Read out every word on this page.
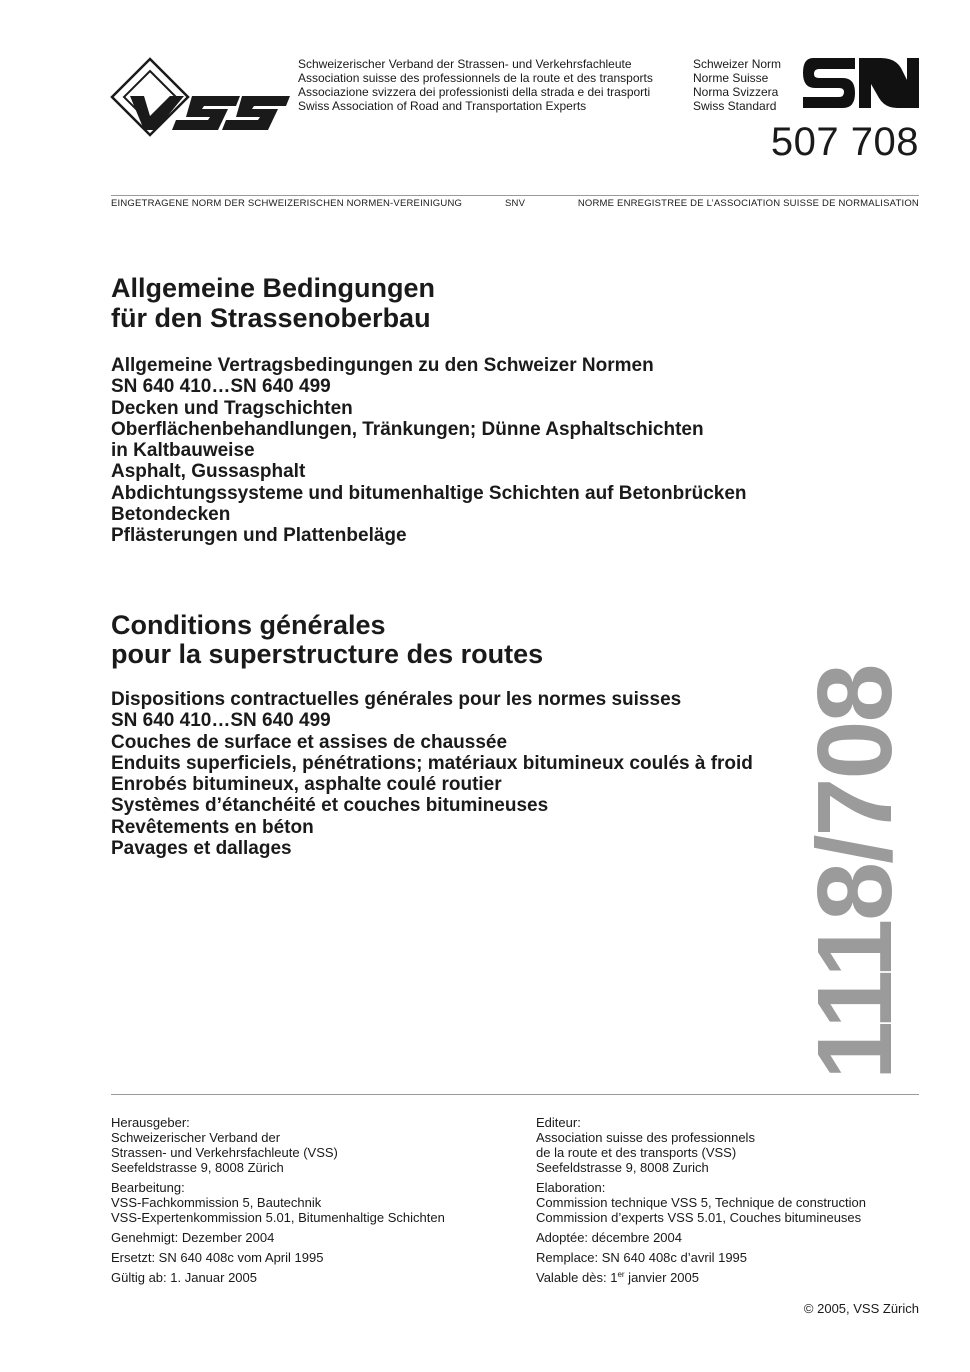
Schweizerischer Verband der Strassen- und Verkehrsfachleute
Association suisse des professionnels de la route et des transports
Associazione svizzera dei professionisti della strada e dei trasporti
Swiss Association of Road and Transportation Experts
Schweizer Norm
Norme Suisse
Norma Svizzera
Swiss Standard
507 708
EINGETRAGENE NORM DER SCHWEIZERISCHEN NORMEN-VEREINIGUNG	SNV	NORME ENREGISTREE DE L’ASSOCIATION SUISSE DE NORMALISATION
Allgemeine Bedingungen
für den Strassenoberbau
Allgemeine Vertragsbedingungen zu den Schweizer Normen
SN 640 410…SN 640 499
Decken und Tragschichten
Oberflächenbehandlungen, Tränkungen; Dünne Asphaltschichten
in Kaltbauweise
Asphalt, Gussasphalt
Abdichtungssysteme und bitumenhaltige Schichten auf Betonbrücken
Betondecken
Pflästerungen und Plattenbeläge
Conditions générales
pour la superstructure des routes
Dispositions contractuelles générales pour les normes suisses
SN 640 410…SN 640 499
Couches de surface et assises de chaussée
Enduits superficiels, pénétrations; matériaux bitumineux coulés à froid
Enrobés bitumineux, asphalte coulé routier
Systèmes d’étanchéité et couches bitumineuses
Revêtements en béton
Pavages et dallages	1118/708
Herausgeber:
Schweizerischer Verband der
Strassen- und Verkehrsfachleute (VSS)
Seefeldstrasse 9, 8008 Zürich
Bearbeitung:
VSS-Fachkommission 5, Bautechnik
VSS-Expertenkommission 5.01, Bitumenhaltige Schichten
Genehmigt: Dezember 2004
Ersetzt: SN 640 408c vom April 1995
Gültig ab: 1. Januar 2005
Editeur:
Association suisse des professionnels
de la route et des transports (VSS)
Seefeldstrasse 9, 8008 Zurich
Elaboration:
Commission technique VSS 5, Technique de construction
Commission d’experts VSS 5.01, Couches bitumineuses
Adoptée: décembre 2004
Remplace: SN 640 408c d’avril 1995
Valable dès: 1er janvier 2005
© 2005, VSS Zürich
